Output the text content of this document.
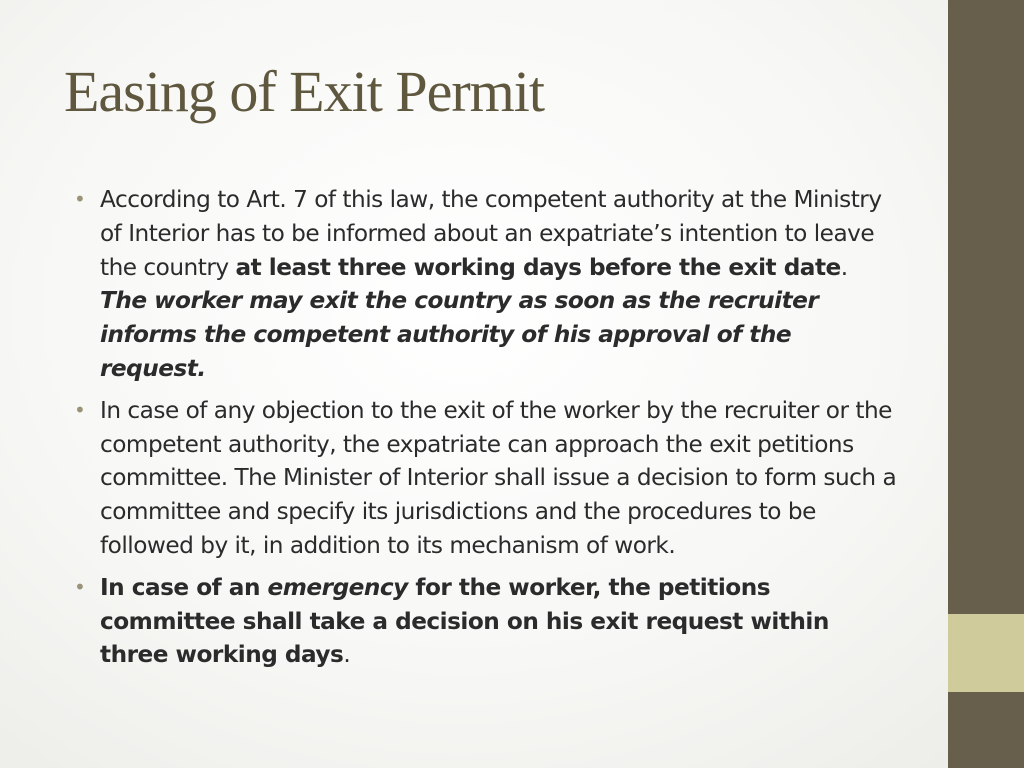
Easing of Exit Permit
• According to Art. 7 of this law, the competent authority at the Ministry of Interior has to be informed about an expatriate’s intention to leave the country at least three working days before the exit date. The worker may exit the country as soon as the recruiter informs the competent authority of his approval of the request.
• In case of any objection to the exit of the worker by the recruiter or the competent authority, the expatriate can approach the exit petitions committee. The Minister of Interior shall issue a decision to form such a committee and specify its jurisdictions and the procedures to be followed by it, in addition to its mechanism of work.
• In case of an emergency for the worker, the petitions committee shall take a decision on his exit request within three working days.
